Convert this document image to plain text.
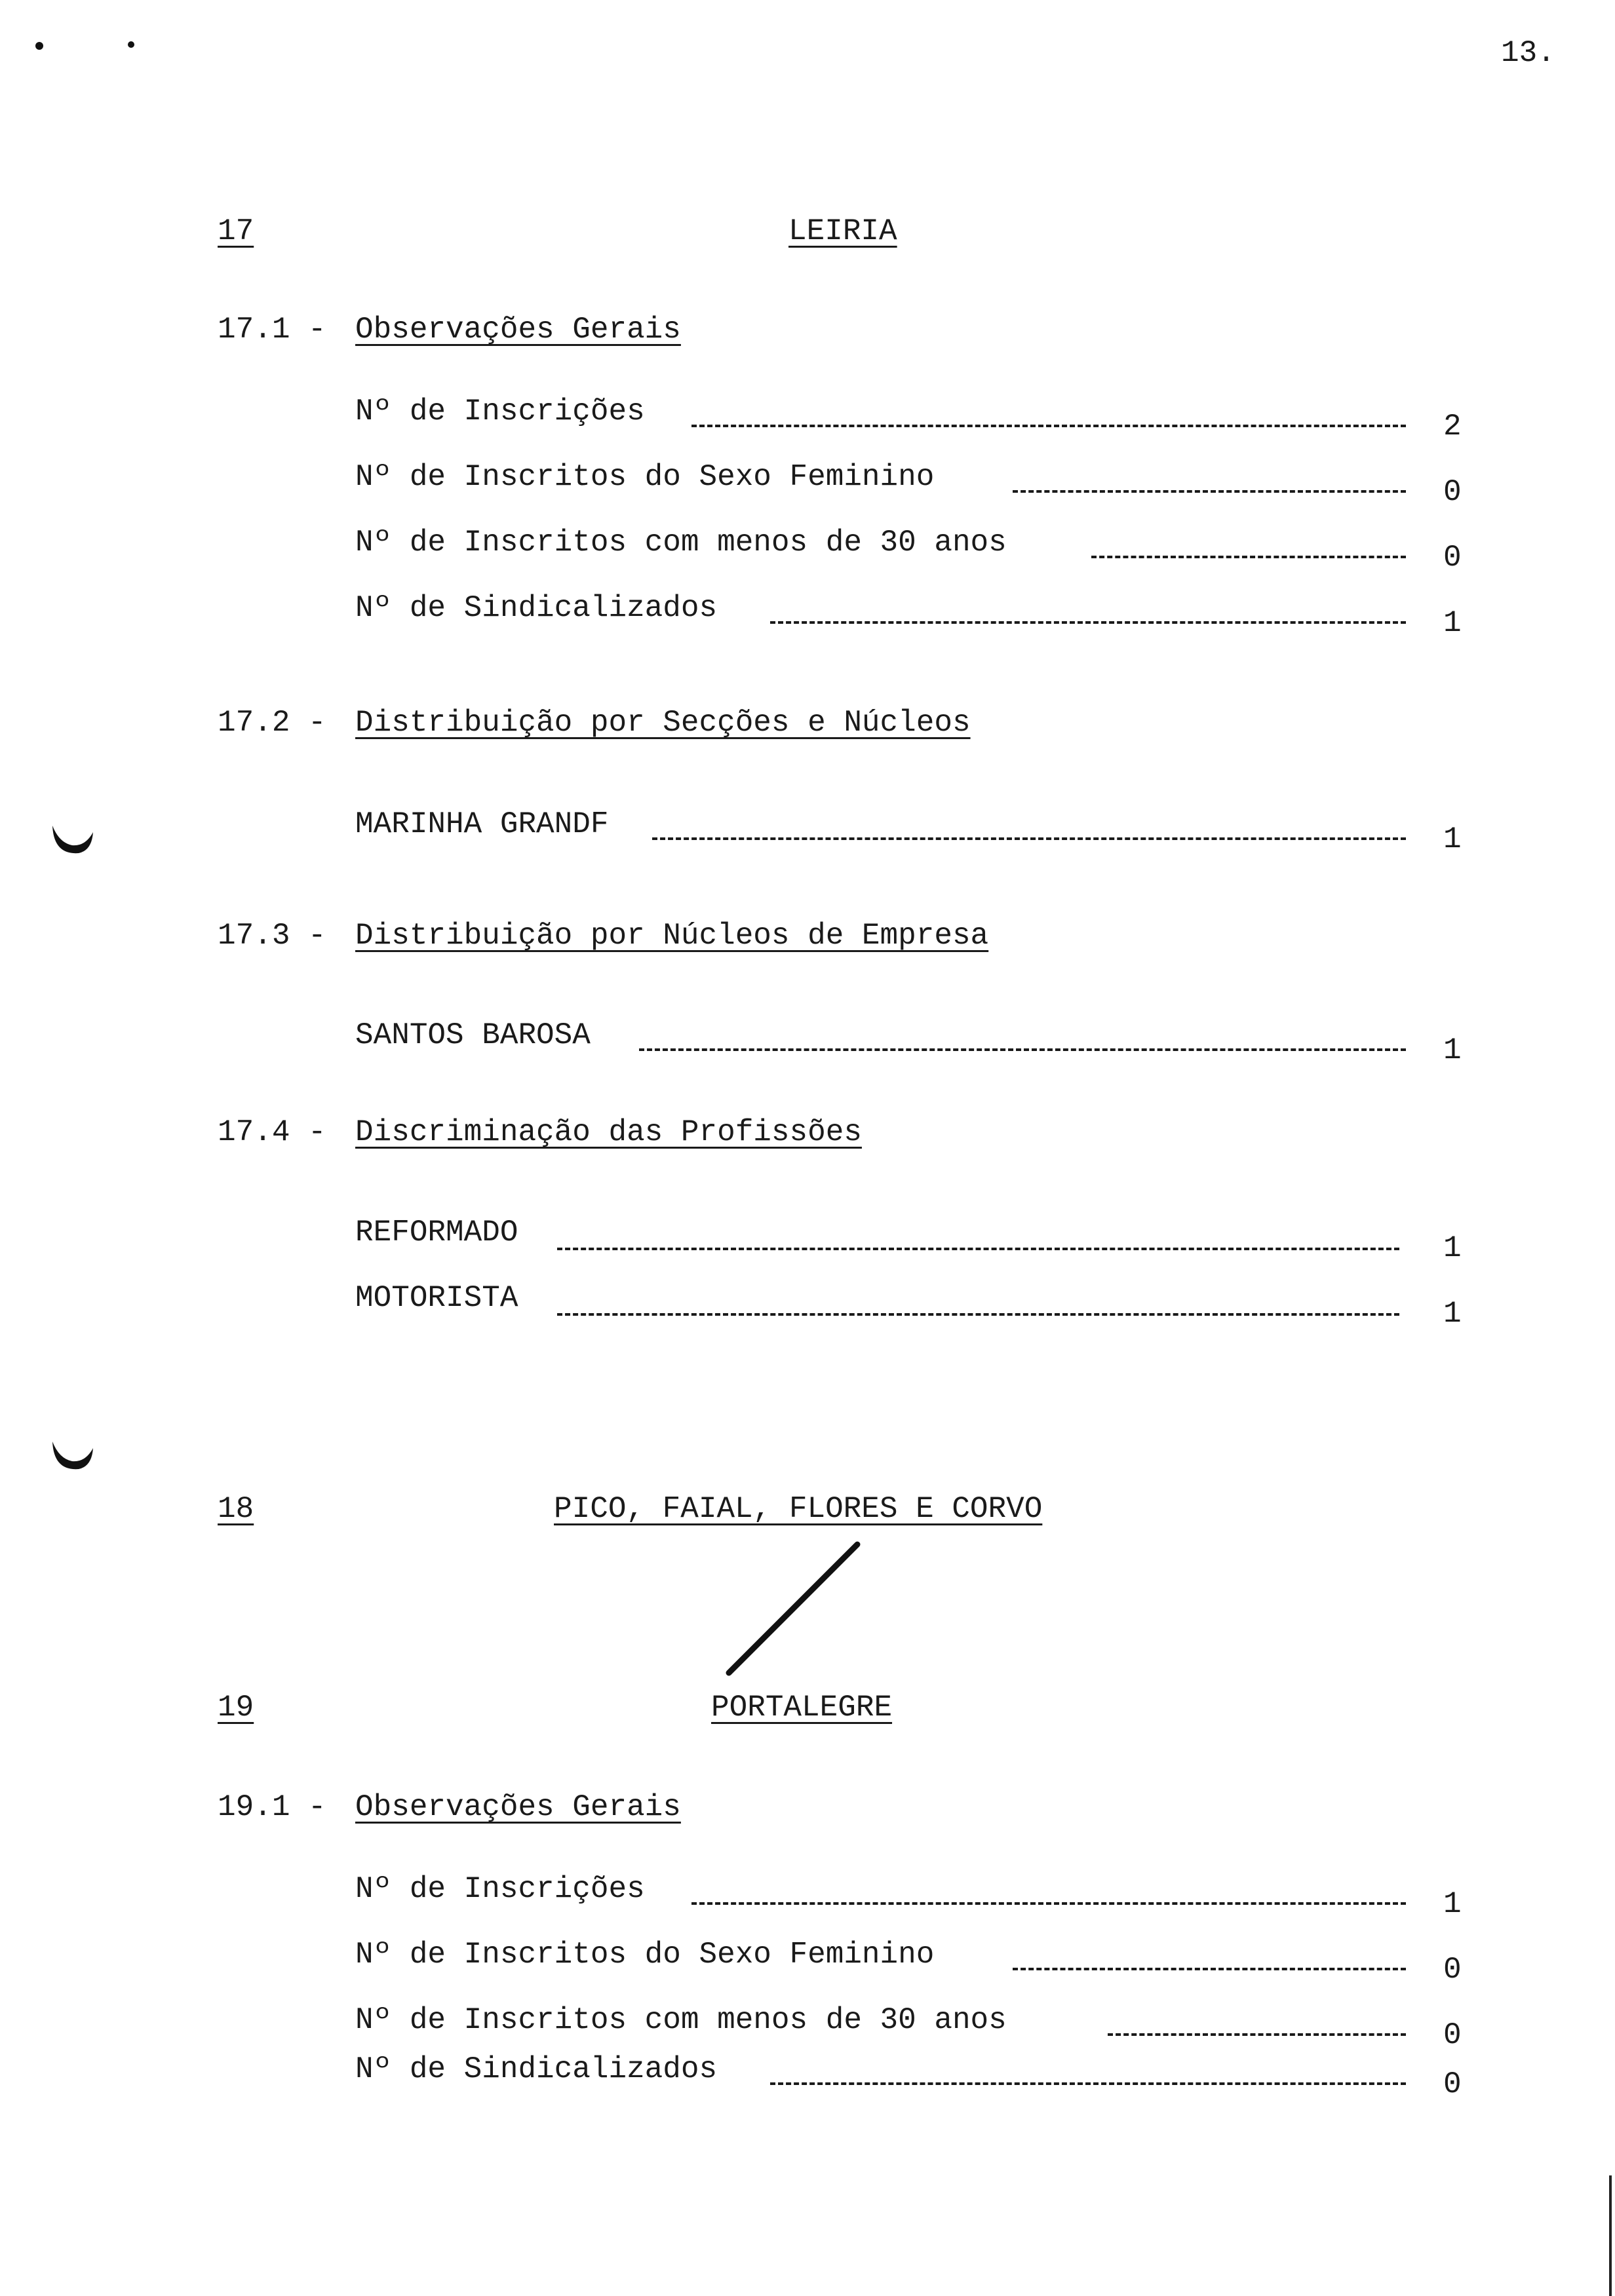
13.
17	LEIRIA
17.1 - Observações Gerais
Nº de Inscrições	2
Nº de Inscritos do Sexo Feminino	0
Nº de Inscritos com menos de 30 anos	0
Nº de Sindicalizados	1
17.2 - Distribuição por Secções e Núcleos
MARINHA GRANDF	1
17.3 - Distribuição por Núcleos de Empresa
SANTOS BAROSA	1
17.4 - Discriminação das Profissões
REFORMADO	1
MOTORISTA	1
18	PICO, FAIAL, FLORES E CORVO
19	PORTALEGRE
19.1 - Observações Gerais
Nº de Inscrições	1
Nº de Inscritos do Sexo Feminino	0
Nº de Inscritos com menos de 30 anos	0
Nº de Sindicalizados	0
